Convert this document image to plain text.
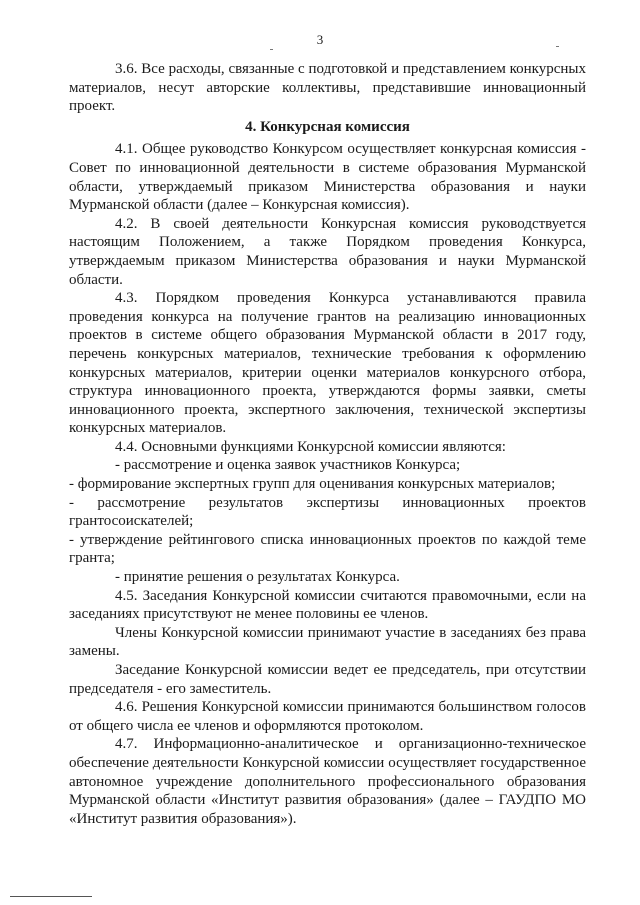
3

3.6. Все расходы, связанные с подготовкой и представлением конкурсных материалов, несут авторские коллективы, представившие инновационный проект.

4. Конкурсная комиссия

4.1. Общее руководство Конкурсом осуществляет конкурсная комиссия - Совет по инновационной деятельности в системе образования Мурманской области, утверждаемый приказом Министерства образования и науки Мурманской области (далее – Конкурсная комиссия).

4.2. В своей деятельности Конкурсная комиссия руководствуется настоящим Положением, а также Порядком проведения Конкурса, утверждаемым приказом Министерства образования и науки Мурманской области.

4.3. Порядком проведения Конкурса устанавливаются правила проведения конкурса на получение грантов на реализацию инновационных проектов в системе общего образования Мурманской области в 2017 году, перечень конкурсных материалов, технические требования к оформлению конкурсных материалов, критерии оценки материалов конкурсного отбора, структура инновационного проекта, утверждаются формы заявки, сметы инновационного проекта, экспертного заключения, технической экспертизы конкурсных материалов.

4.4. Основными функциями Конкурсной комиссии являются:

- рассмотрение и оценка заявок участников Конкурса;

- формирование экспертных групп для оценивания конкурсных материалов;

- рассмотрение результатов экспертизы инновационных проектов грантосоискателей;

- утверждение рейтингового списка инновационных проектов по каждой теме гранта;

- принятие решения о результатах Конкурса.

4.5. Заседания Конкурсной комиссии считаются правомочными, если на заседаниях присутствуют не менее половины ее членов.

Члены Конкурсной комиссии принимают участие в заседаниях без права замены.

Заседание Конкурсной комиссии ведет ее председатель, при отсутствии председателя - его заместитель.

4.6. Решения Конкурсной комиссии принимаются большинством голосов от общего числа ее членов и оформляются протоколом.

4.7. Информационно-аналитическое и организационно-техническое обеспечение деятельности Конкурсной комиссии осуществляет государственное автономное учреждение дополнительного профессионального образования Мурманской области «Институт развития образования» (далее – ГАУДПО МО «Институт развития образования»).
